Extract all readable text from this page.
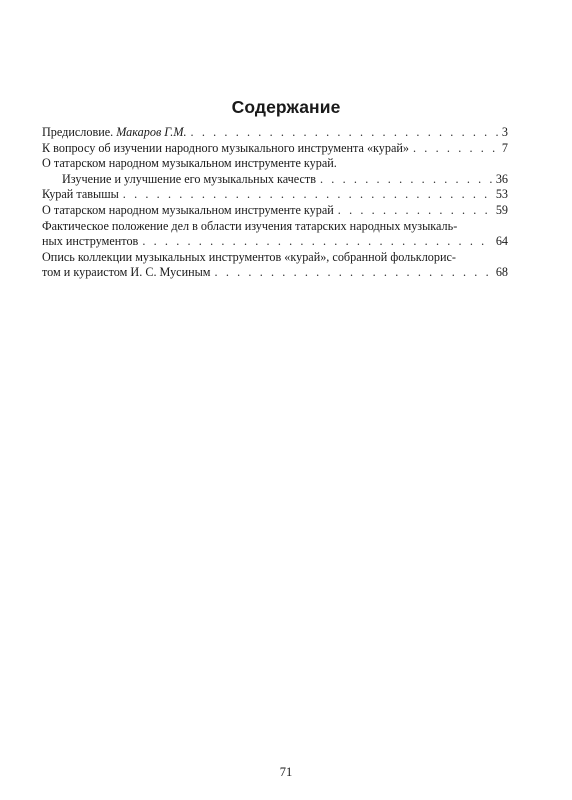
Содержание
Предисловие. Макаров Г.М. . . .	3
К вопросу об изучении народного музыкального инструмента «курай» . . .	7
О татарском народном музыкальном инструменте курай.
Изучение и улучшение его музыкальных качеств . . .	36
Курай тавышы . . .	53
О татарском народном музыкальном инструменте курай . . .	59
Фактическое положение дел в области изучения татарских народных музыкаль-
ных инструментов . . .	64
Опись коллекции музыкальных инструментов «курай», собранной фольклорис-
том и кураистом И. С. Мусиным . . .	68
71
